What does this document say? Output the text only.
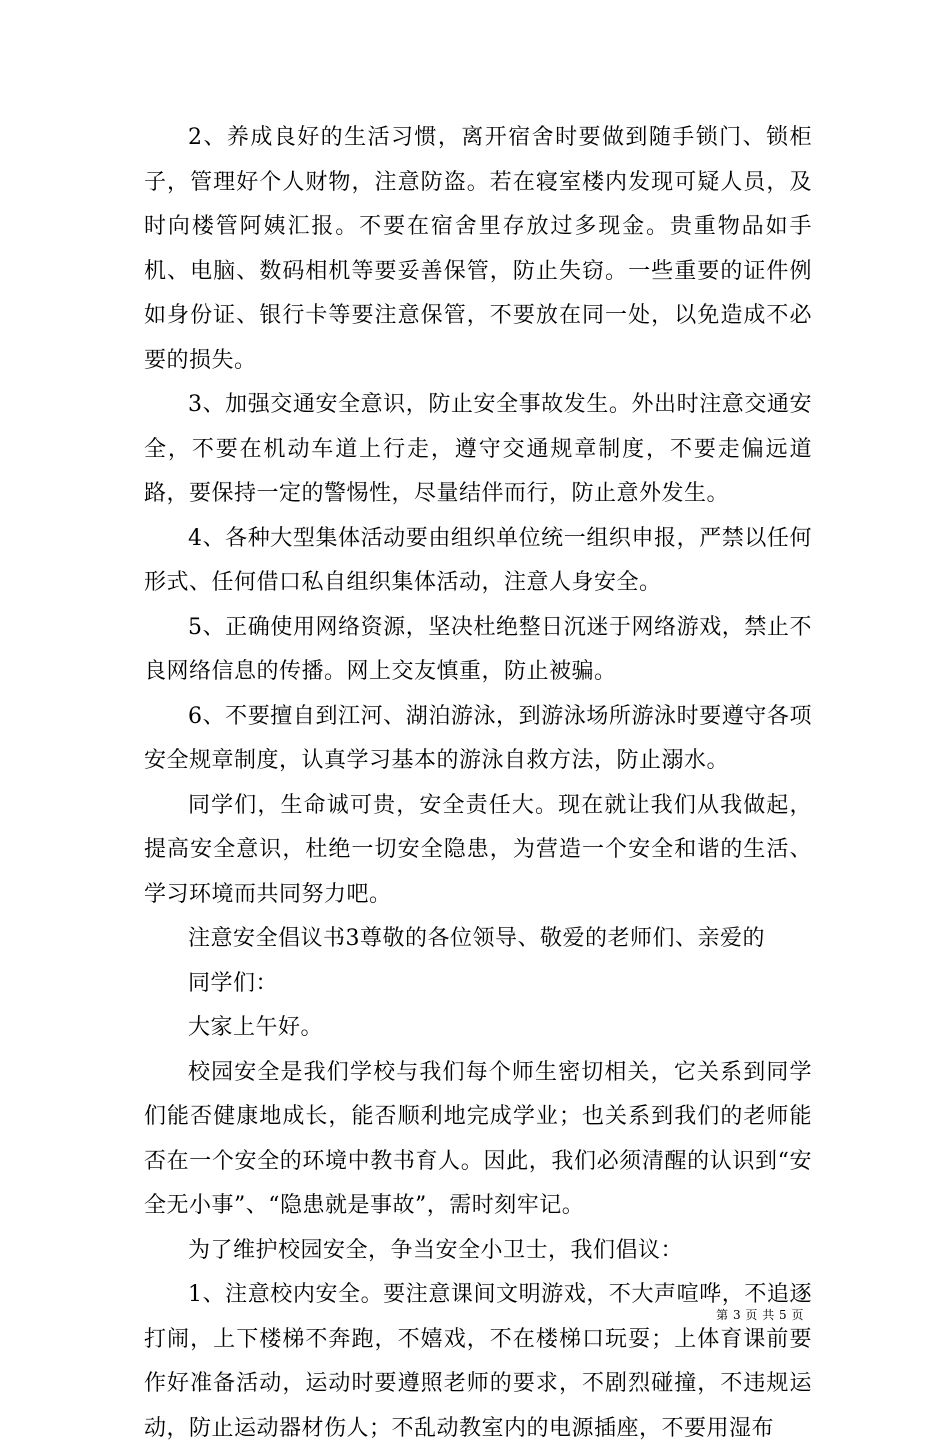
2、养成良好的生活习惯，离开宿舍时要做到随手锁门、锁柜子，管理好个人财物，注意防盗。若在寝室楼内发现可疑人员，及时向楼管阿姨汇报。不要在宿舍里存放过多现金。贵重物品如手机、电脑、数码相机等要妥善保管，防止失窃。一些重要的证件例如身份证、银行卡等要注意保管，不要放在同一处，以免造成不必要的损失。

3、加强交通安全意识，防止安全事故发生。外出时注意交通安全，不要在机动车道上行走，遵守交通规章制度，不要走偏远道路，要保持一定的警惕性，尽量结伴而行，防止意外发生。

4、各种大型集体活动要由组织单位统一组织申报，严禁以任何形式、任何借口私自组织集体活动，注意人身安全。

5、正确使用网络资源，坚决杜绝整日沉迷于网络游戏，禁止不良网络信息的传播。网上交友慎重，防止被骗。

6、不要擅自到江河、湖泊游泳，到游泳场所游泳时要遵守各项安全规章制度，认真学习基本的游泳自救方法，防止溺水。

同学们，生命诚可贵，安全责任大。现在就让我们从我做起，提高安全意识，杜绝一切安全隐患，为营造一个安全和谐的生活、学习环境而共同努力吧。

注意安全倡议书3尊敬的各位领导、敬爱的老师们、亲爱的

同学们：

大家上午好。

校园安全是我们学校与我们每个师生密切相关，它关系到同学们能否健康地成长，能否顺利地完成学业；也关系到我们的老师能否在一个安全的环境中教书育人。因此，我们必须清醒的认识到“安全无小事”、“隐患就是事故”，需时刻牢记。

为了维护校园安全，争当安全小卫士，我们倡议：

1、注意校内安全。要注意课间文明游戏，不大声喧哗，不追逐打闹，上下楼梯不奔跑，不嬉戏，不在楼梯口玩耍；上体育课前要作好准备活动，运动时要遵照老师的要求，不剧烈碰撞，不违规运动，防止运动器材伤人；不乱动教室内的电源插座，不要用湿布

第 3 页 共 5 页
